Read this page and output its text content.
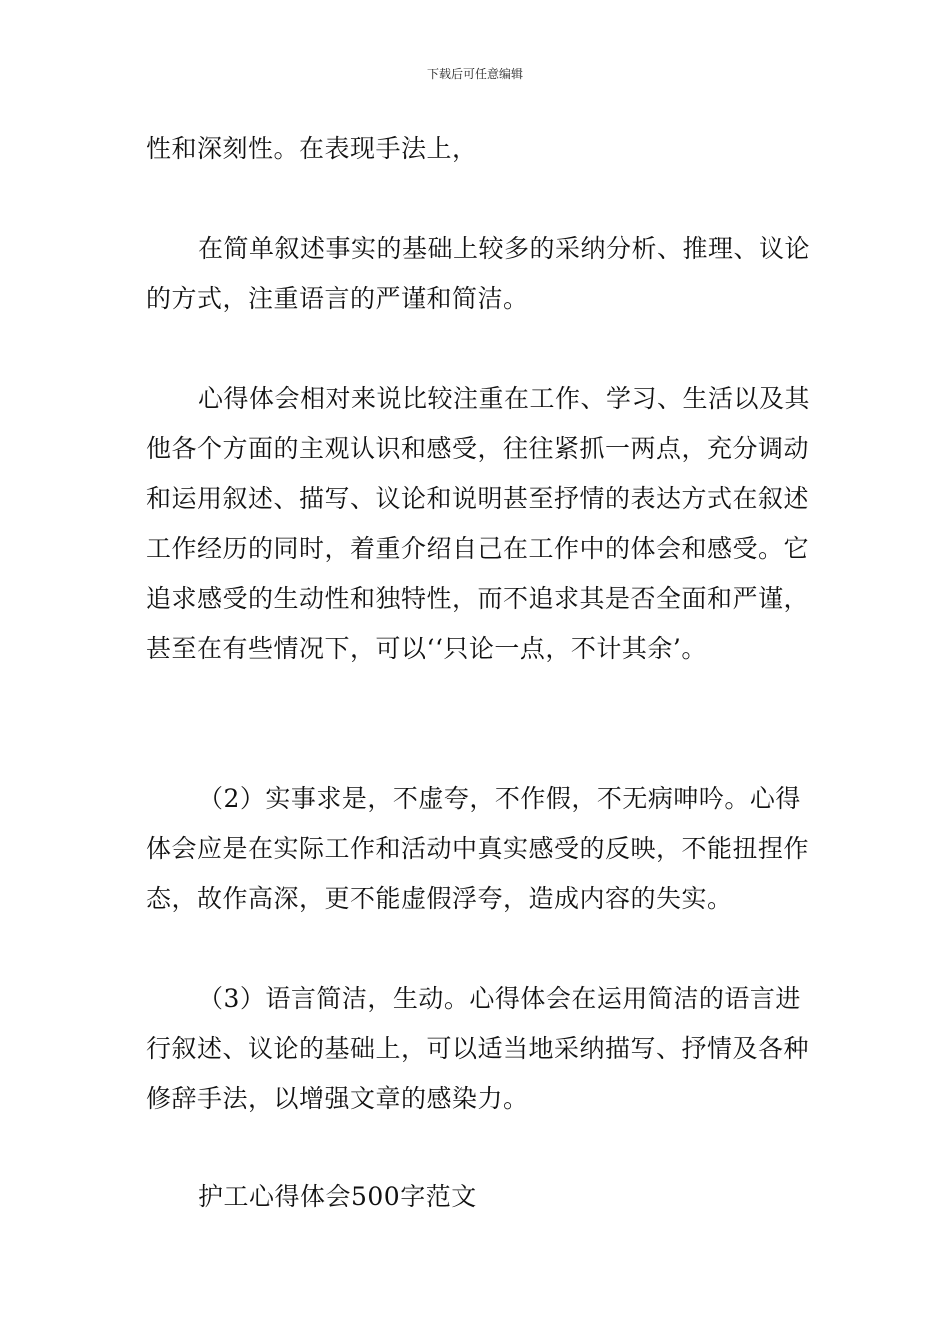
下载后可任意编辑

性和深刻性。在表现手法上，

在简单叙述事实的基础上较多的采纳分析、推理、议论的方式，注重语言的严谨和简洁。

心得体会相对来说比较注重在工作、学习、生活以及其他各个方面的主观认识和感受，往往紧抓一两点，充分调动和运用叙述、描写、议论和说明甚至抒情的表达方式在叙述工作经历的同时，着重介绍自己在工作中的体会和感受。它追求感受的生动性和独特性，而不追求其是否全面和严谨，甚至在有些情况下，可以‘‘只论一点，不计其余’。

（2）实事求是，不虚夸，不作假，不无病呻吟。心得体会应是在实际工作和活动中真实感受的反映，不能扭捏作态，故作高深，更不能虚假浮夸，造成内容的失实。

（3）语言简洁，生动。心得体会在运用简洁的语言进行叙述、议论的基础上，可以适当地采纳描写、抒情及各种修辞手法，以增强文章的感染力。

护工心得体会500字范文
